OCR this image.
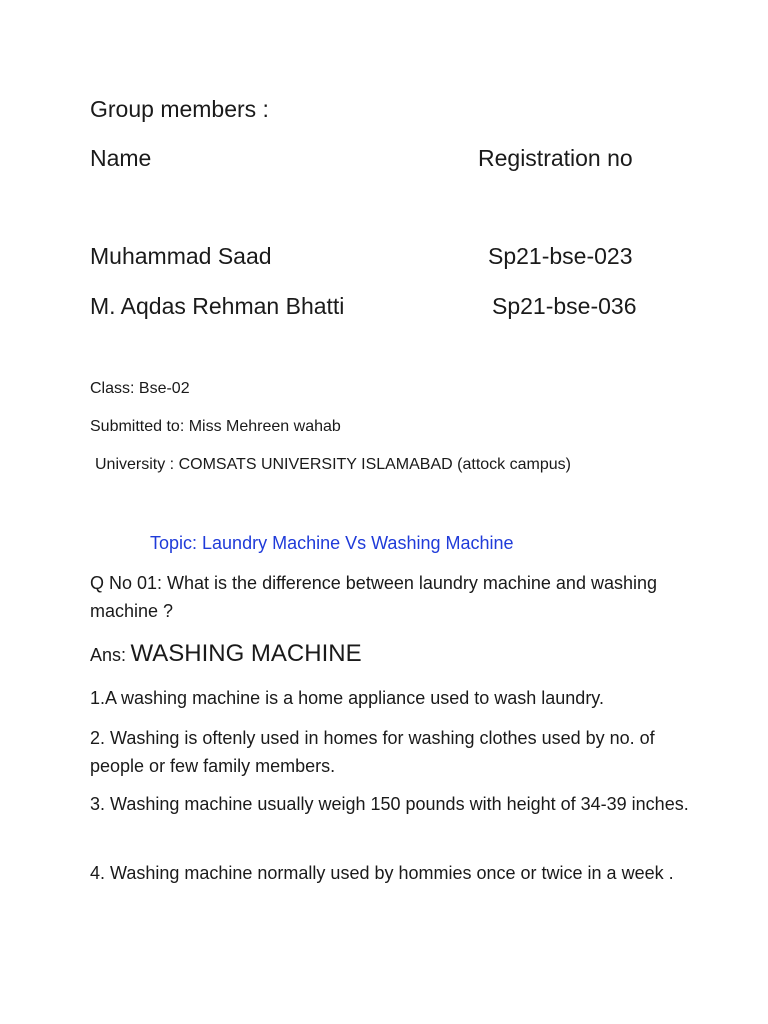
Group members :
Name	Registration no
Muhammad Saad	Sp21-bse-023
M. Aqdas Rehman Bhatti	Sp21-bse-036
Class: Bse-02
Submitted to: Miss Mehreen wahab
University : COMSATS UNIVERSITY ISLAMABAD (attock campus)
Topic: Laundry Machine Vs Washing Machine
Q No 01: What is the difference between laundry machine and washing machine ?
Ans: WASHING MACHINE
1.A washing machine is a home appliance used to wash laundry.
2. Washing is oftenly used in homes for washing clothes used by no. of people or few family members.
3. Washing machine usually weigh 150 pounds with height of 34-39 inches.
4. Washing machine normally used by hommies once or twice in a week .
